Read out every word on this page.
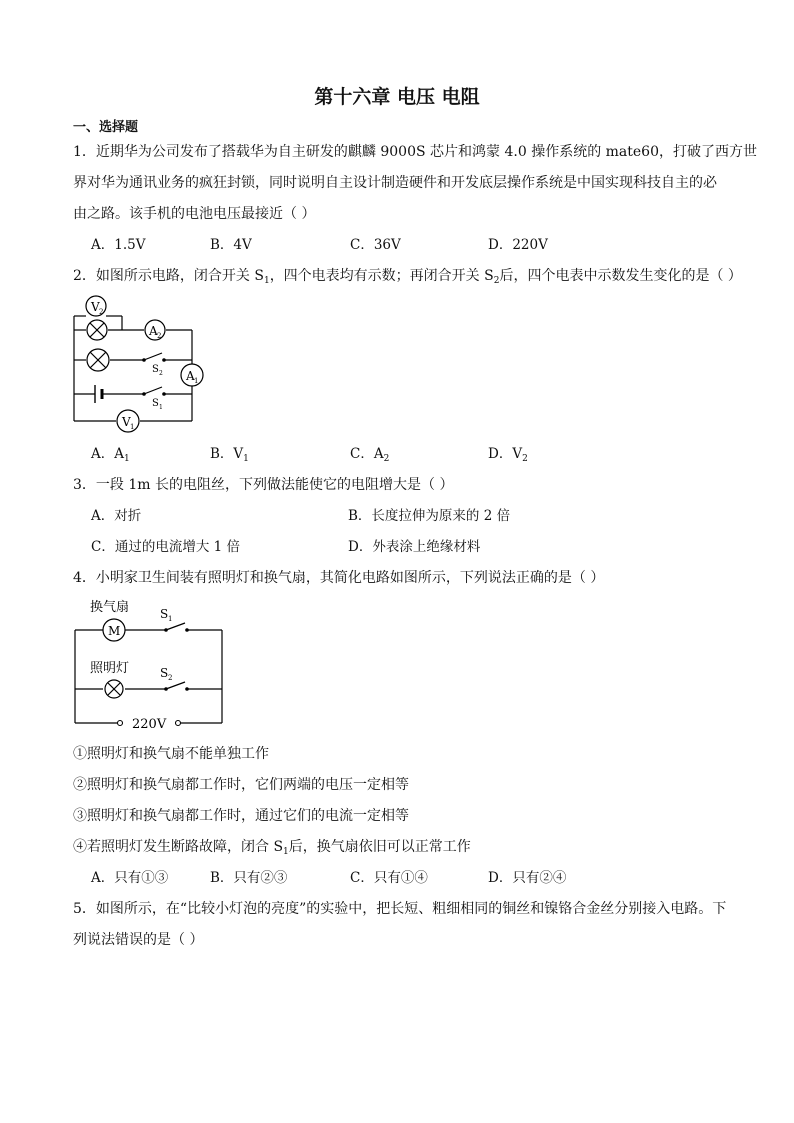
第十六章 电压 电阻
一、选择题
1．近期华为公司发布了搭载华为自主研发的麒麟 9000S 芯片和鸿蒙 4.0 操作系统的 mate60，打破了西方世
界对华为通讯业务的疯狂封锁，同时说明自主设计制造硬件和开发底层操作系统是中国实现科技自主的必
由之路。该手机的电池电压最接近（ ）
A．1.5V	B．4V	C．36V	D．220V
2．如图所示电路，闭合开关 $S_1$，四个电表均有示数；再闭合开关 $S_2$后，四个电表中示数发生变化的是（ ）
V 2
A 2
A 1
V 1
S 2
S 1
A．$A_1$	B．$V_1$	C．$A_2$	D．$V_2$
3．一段 1m 长的电阻丝，下列做法能使它的电阻增大是（ ）
A．对折	B．长度拉伸为原来的 2 倍
C．通过的电流增大 1 倍	D．外表涂上绝缘材料
4．小明家卫生间装有照明灯和换气扇，其简化电路如图所示，下列说法正确的是（ ）
换气扇
照明灯
M
S 1
S 2
220V
①照明灯和换气扇不能单独工作
②照明灯和换气扇都工作时，它们两端的电压一定相等
③照明灯和换气扇都工作时，通过它们的电流一定相等
④若照明灯发生断路故障，闭合 $S_1$后，换气扇依旧可以正常工作
A．只有①③	B．只有②③	C．只有①④	D．只有②④
5．如图所示，在“比较小灯泡的亮度”的实验中，把长短、粗细相同的铜丝和镍铬合金丝分别接入电路。下
列说法错误的是（ ）
